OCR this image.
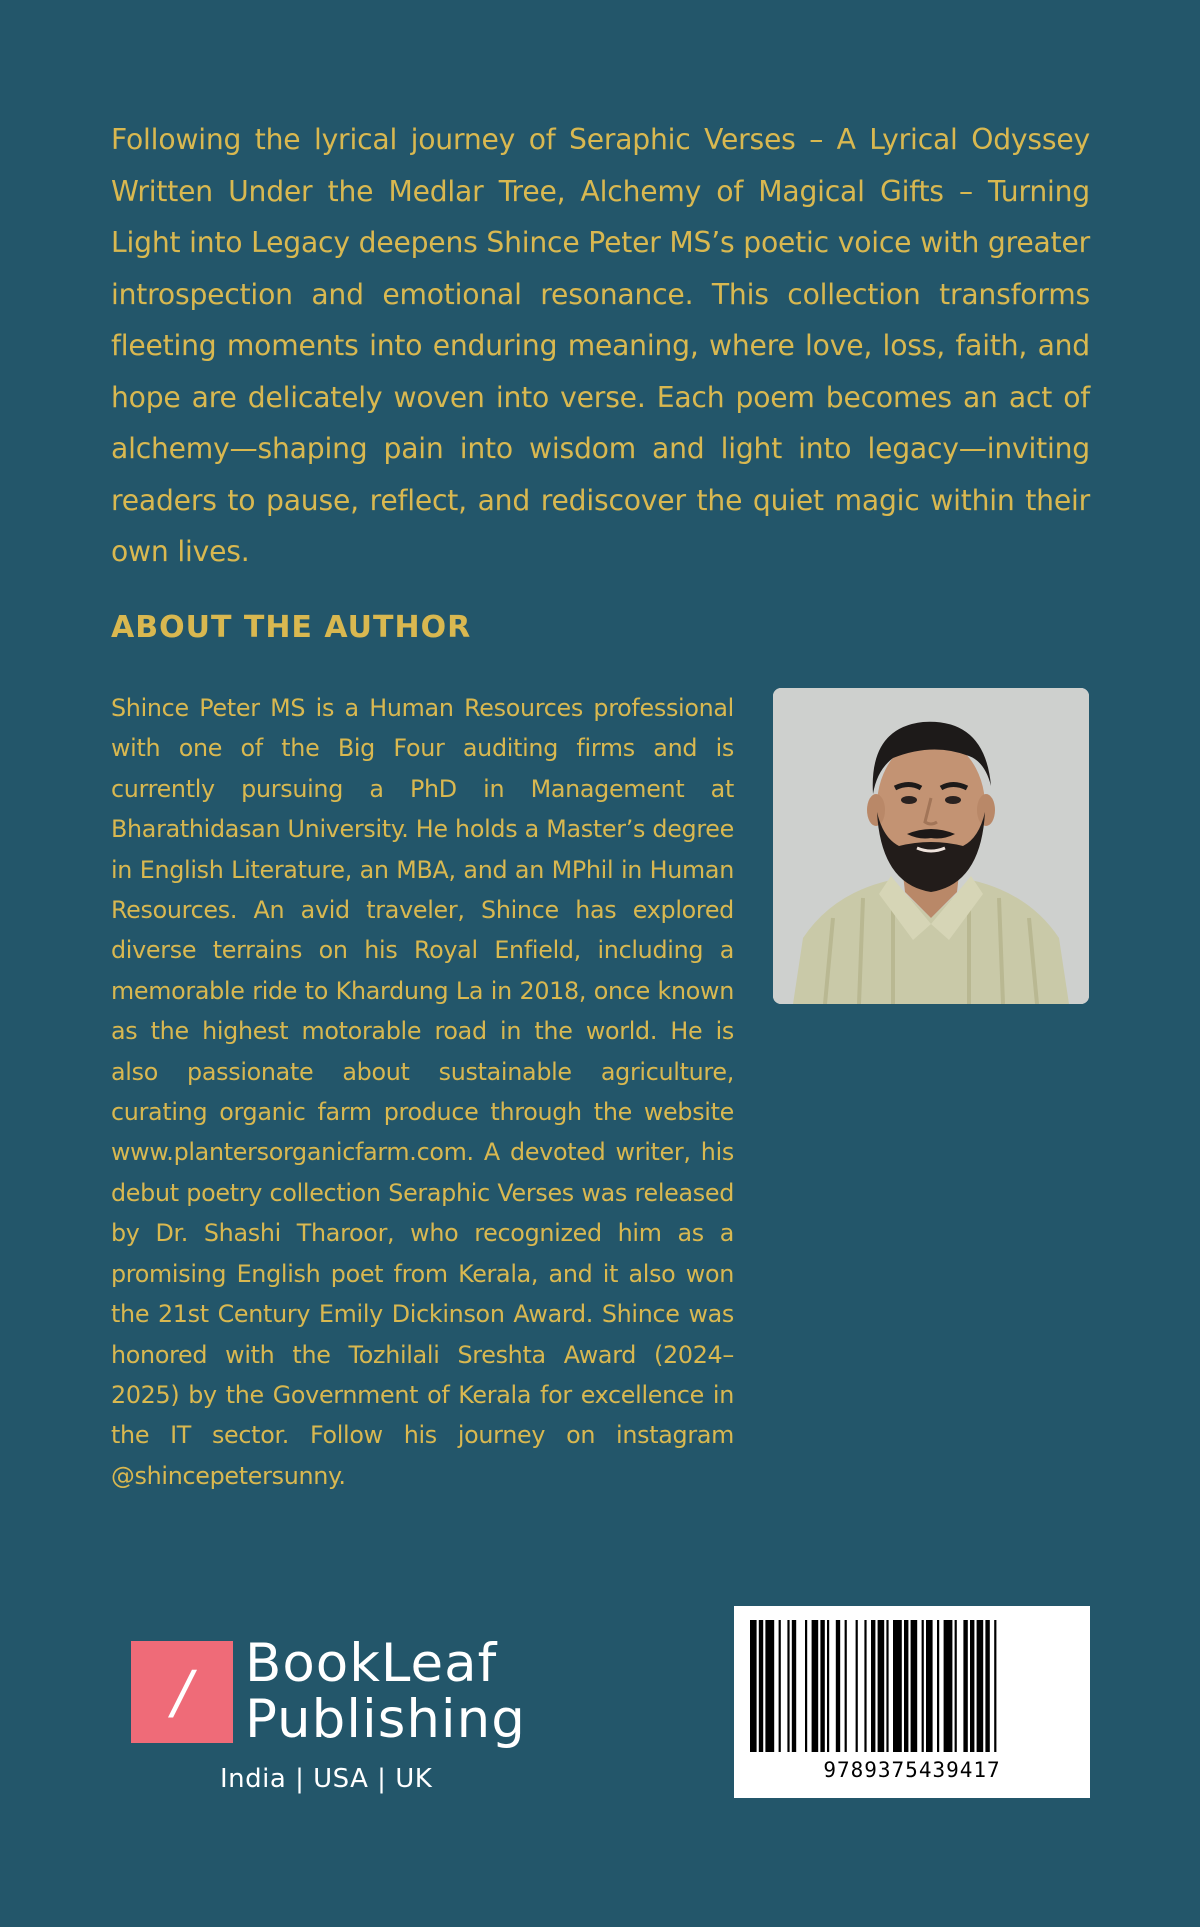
Following the lyrical journey of Seraphic Verses – A Lyrical Odyssey Written Under the Medlar Tree, Alchemy of Magical Gifts – Turning Light into Legacy deepens Shince Peter MS’s poetic voice with greater introspection and emotional resonance. This collection transforms fleeting moments into enduring meaning, where love, loss, faith, and hope are delicately woven into verse. Each poem becomes an act of alchemy—shaping pain into wisdom and light into legacy—inviting readers to pause, reflect, and rediscover the quiet magic within their own lives.

ABOUT THE AUTHOR

Shince Peter MS is a Human Resources professional with one of the Big Four auditing firms and is currently pursuing a PhD in Management at Bharathidasan University. He holds a Master’s degree in English Literature, an MBA, and an MPhil in Human Resources. An avid traveler, Shince has explored diverse terrains on his Royal Enfield, including a memorable ride to Khardung La in 2018, once known as the highest motorable road in the world. He is also passionate about sustainable agriculture, curating organic farm produce through the website www.plantersorganicfarm.com. A devoted writer, his debut poetry collection Seraphic Verses was released by Dr. Shashi Tharoor, who recognized him as a promising English poet from Kerala, and it also won the 21st Century Emily Dickinson Award. Shince was honored with the Tozhilali Sreshta Award (2024–2025) by the Government of Kerala for excellence in the IT sector. Follow his journey on instagram @shincepetersunny.

/	BookLeaf

Publishing

India | USA | UK	9789375439417
